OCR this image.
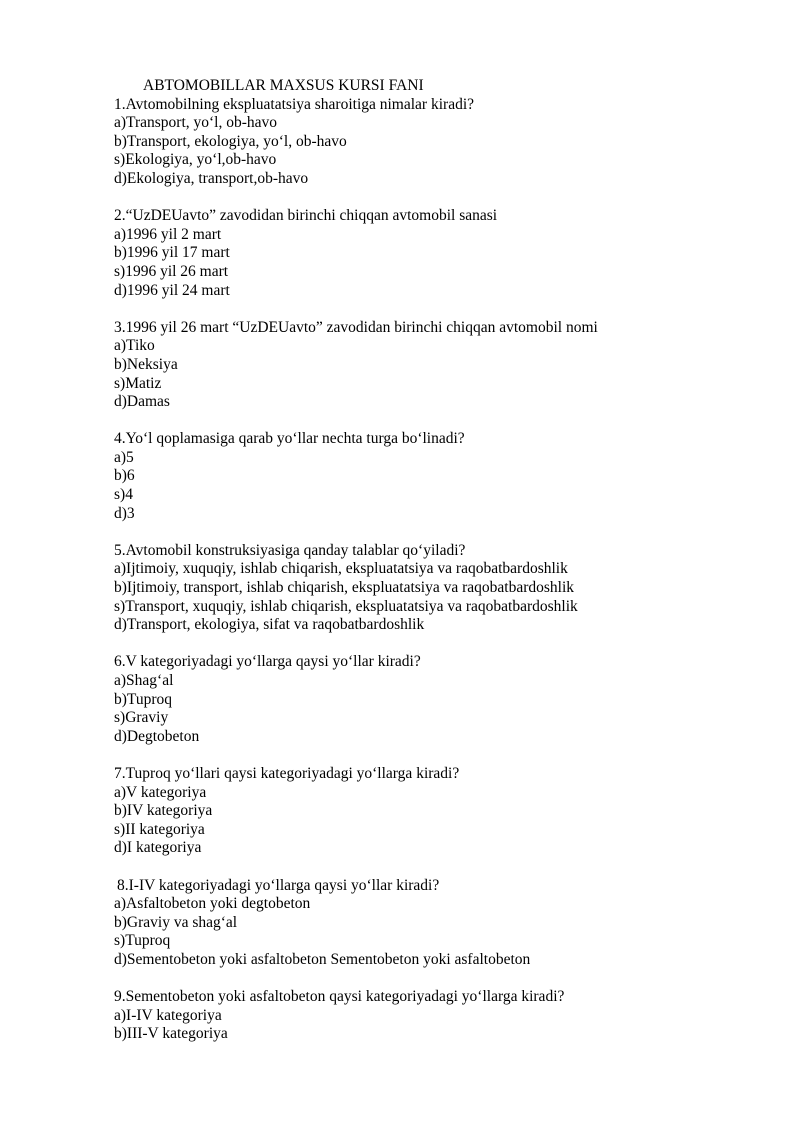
ABTOMOBILLAR MAXSUS KURSI FANI
1.Avtomobilning ekspluatatsiya sharoitiga nimalar kiradi?
a)Transport, yo‘l, ob-havo
b)Transport, ekologiya, yo‘l, ob-havo
s)Ekologiya, yo‘l,ob-havo
d)Ekologiya, transport,ob-havo
2.“UzDEUavto” zavodidan birinchi chiqqan avtomobil sanasi
a)1996 yil 2 mart
b)1996 yil 17 mart
s)1996 yil 26 mart
d)1996 yil 24 mart
3.1996 yil 26 mart “UzDEUavto” zavodidan birinchi chiqqan avtomobil nomi
a)Tiko
b)Neksiya
s)Matiz
d)Damas
4.Yo‘l qoplamasiga qarab yo‘llar nechta turga bo‘linadi?
a)5
b)6
s)4
d)3
5.Avtomobil konstruksiyasiga qanday talablar qo‘yiladi?
a)Ijtimoiy, xuquqiy, ishlab chiqarish, ekspluatatsiya va raqobatbardoshlik
b)Ijtimoiy, transport, ishlab chiqarish, ekspluatatsiya va raqobatbardoshlik
s)Transport, xuquqiy, ishlab chiqarish, ekspluatatsiya va raqobatbardoshlik
d)Transport, ekologiya, sifat va raqobatbardoshlik
6.V kategoriyadagi yo‘llarga qaysi yo‘llar kiradi?
a)Shag‘al
b)Tuproq
s)Graviy
d)Degtobeton
7.Tuproq yo‘llari qaysi kategoriyadagi yo‘llarga kiradi?
a)V kategoriya
b)IV kategoriya
s)II kategoriya
d)I kategoriya
8.I-IV kategoriyadagi yo‘llarga qaysi yo‘llar kiradi?
a)Asfaltobeton yoki degtobeton
b)Graviy va shag‘al
s)Tuproq
d)Sementobeton yoki asfaltobeton Sementobeton yoki asfaltobeton
9.Sementobeton yoki asfaltobeton qaysi kategoriyadagi yo‘llarga kiradi?
a)I-IV kategoriya
b)III-V kategoriya
